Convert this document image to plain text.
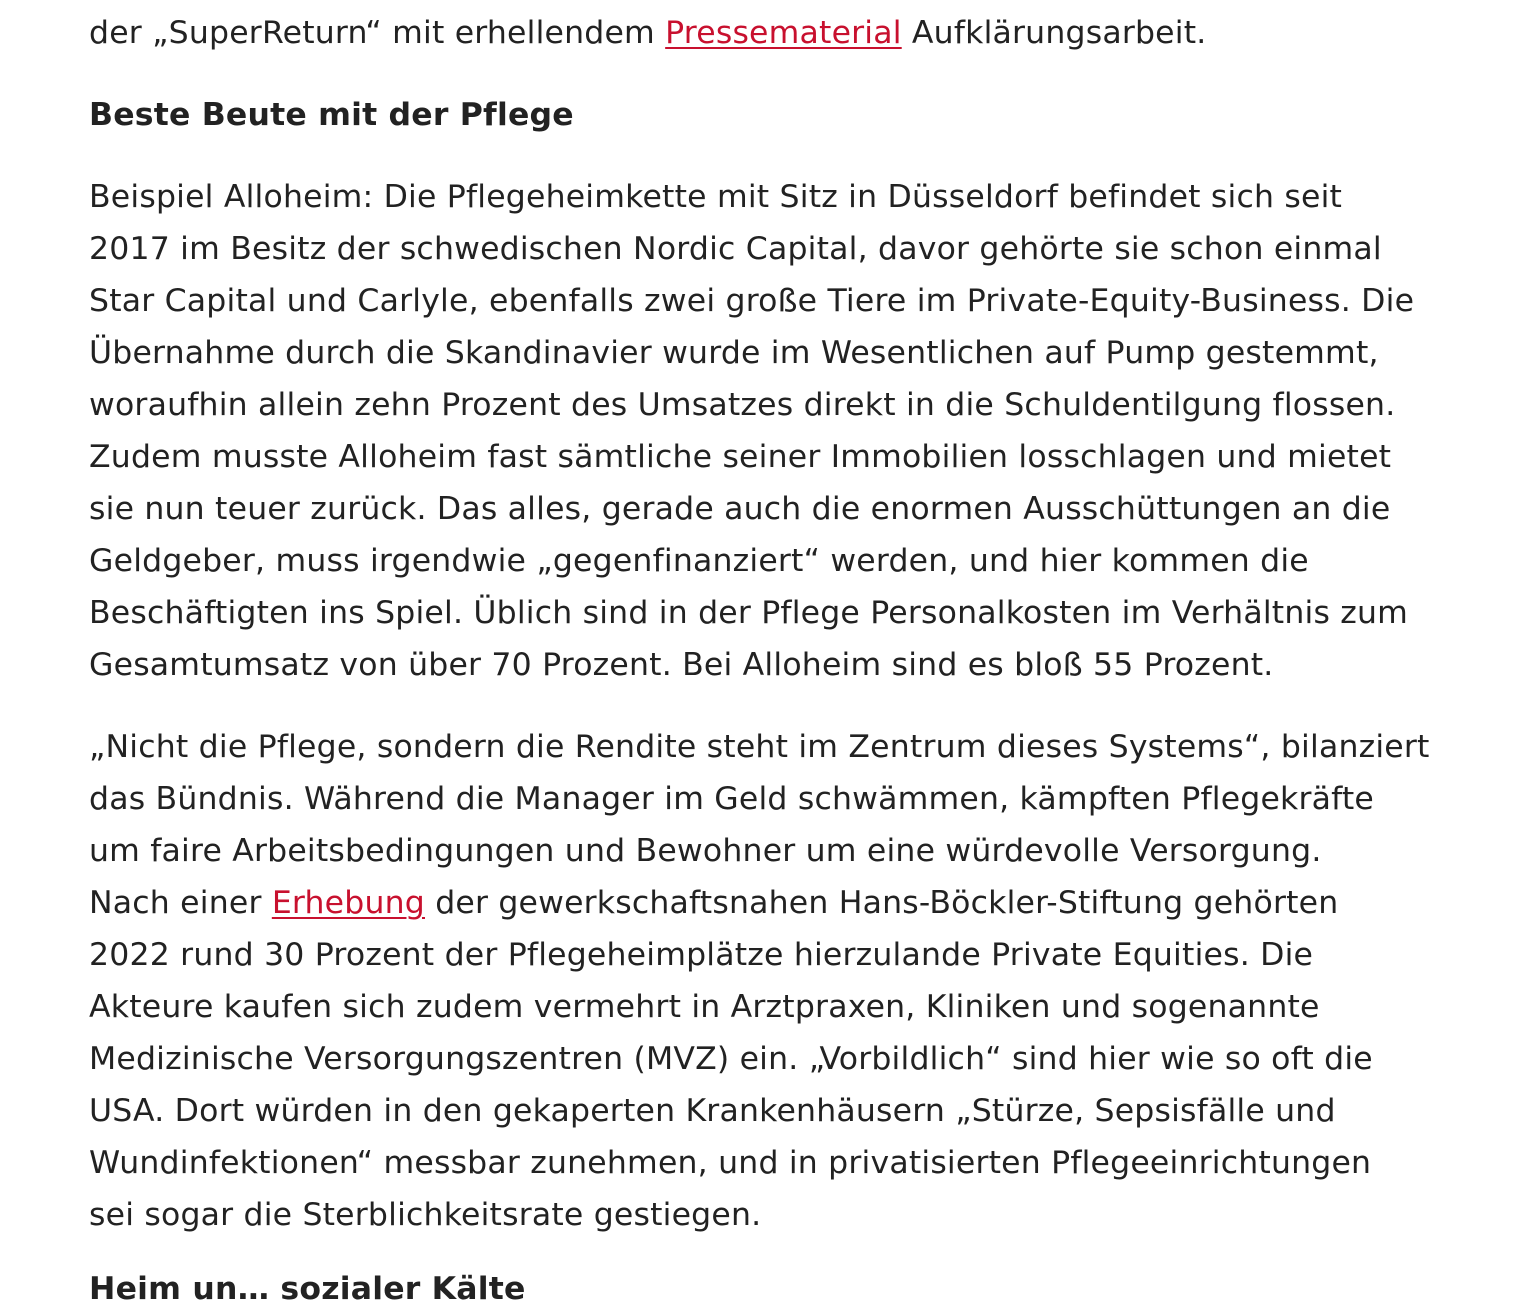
der „SuperReturn“ mit erhellendem Pressematerial Aufklärungsarbeit.

Beste Beute mit der Pflege

Beispiel Alloheim: Die Pflegeheimkette mit Sitz in Düsseldorf befindet sich seit
2017 im Besitz der schwedischen Nordic Capital, davor gehörte sie schon einmal
Star Capital und Carlyle, ebenfalls zwei große Tiere im Private-Equity-Business. Die
Übernahme durch die Skandinavier wurde im Wesentlichen auf Pump gestemmt,
woraufhin allein zehn Prozent des Umsatzes direkt in die Schuldentilgung flossen.
Zudem musste Alloheim fast sämtliche seiner Immobilien losschlagen und mietet
sie nun teuer zurück. Das alles, gerade auch die enormen Ausschüttungen an die
Geldgeber, muss irgendwie „gegenfinanziert“ werden, und hier kommen die
Beschäftigten ins Spiel. Üblich sind in der Pflege Personalkosten im Verhältnis zum
Gesamtumsatz von über 70 Prozent. Bei Alloheim sind es bloß 55 Prozent.

„Nicht die Pflege, sondern die Rendite steht im Zentrum dieses Systems“, bilanziert
das Bündnis. Während die Manager im Geld schwämmen, kämpften Pflegekräfte
um faire Arbeitsbedingungen und Bewohner um eine würdevolle Versorgung.
Nach einer Erhebung der gewerkschaftsnahen Hans-Böckler-Stiftung gehörten
2022 rund 30 Prozent der Pflegeheimplätze hierzulande Private Equities. Die
Akteure kaufen sich zudem vermehrt in Arztpraxen, Kliniken und sogenannte
Medizinische Versorgungszentren (MVZ) ein. „Vorbildlich“ sind hier wie so oft die
USA. Dort würden in den gekaperten Krankenhäusern „Stürze, Sepsisfälle und
Wundinfektionen“ messbar zunehmen, und in privatisierten Pflegeeinrichtungen
sei sogar die Sterblichkeitsrate gestiegen.

Heim un… sozialer Kälte
